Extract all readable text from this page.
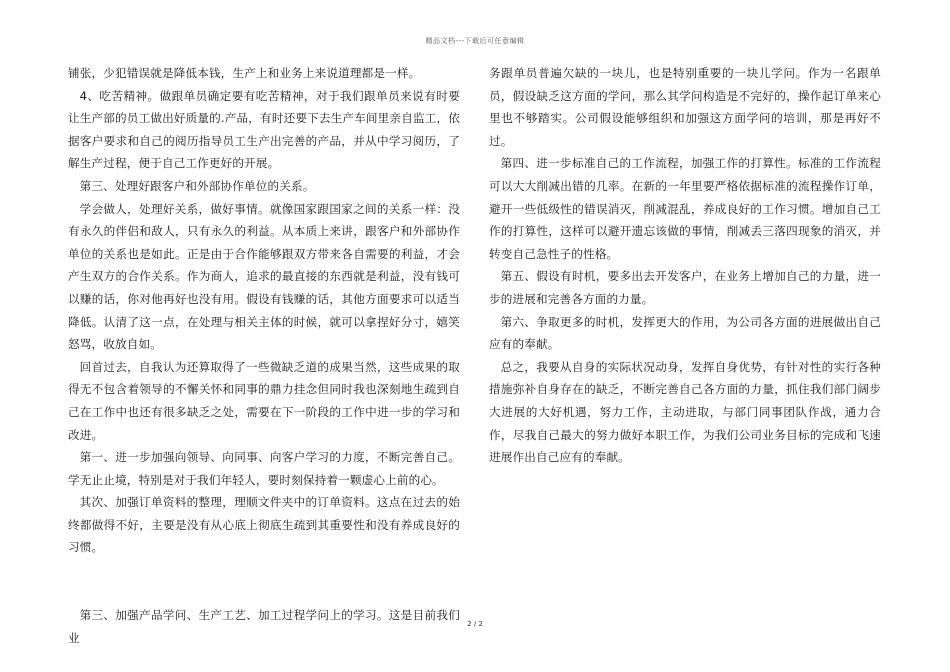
精品文档---下载后可任意编辑

铺张，少犯错误就是降低本钱，生产上和业务上来说道理都是一样。

4、吃苦精神。做跟单员确定要有吃苦精神，对于我们跟单员来说有时要让生产部的员工做出好质量的.产品，有时还要下去生产车间里亲自监工，依据客户要求和自己的阅历指导员工生产出完善的产品，并从中学习阅历，了解生产过程，便于自己工作更好的开展。

第三、处理好跟客户和外部协作单位的关系。

学会做人，处理好关系，做好事情。就像国家跟国家之间的关系一样：没有永久的伴侣和敌人，只有永久的利益。从本质上来讲，跟客户和外部协作单位的关系也是如此。正是由于合作能够跟双方带来各自需要的利益，才会产生双方的合作关系。作为商人，追求的最直接的东西就是利益，没有钱可以赚的话，你对他再好也没有用。假设有钱赚的话，其他方面要求可以适当降低。认清了这一点，在处理与相关主体的时候，就可以拿捏好分寸，嬉笑怒骂，收放自如。

回首过去，自我认为还算取得了一些微缺乏道的成果当然，这些成果的取得无不包含着领导的不懈关怀和同事的鼎力挂念但同时我也深刻地生疏到自己在工作中也还有很多缺乏之处，需要在下一阶段的工作中进一步的学习和改进。

第一、进一步加强向领导、向同事、向客户学习的力度，不断完善自己。学无止止境，特别是对于我们年轻人，要时刻保持着一颗虚心上前的心。

其次、加强订单资料的整理，理顺文件夹中的订单资料。这点在过去的始终都做得不好，主要是没有从心底上彻底生疏到其重要性和没有养成良好的习惯。

第三、加强产品学问、生产工艺、加工过程学问上的学习。这是目前我们业

务跟单员普遍欠缺的一块儿，也是特别重要的一块儿学问。作为一名跟单员，假设缺乏这方面的学问，那么其学问构造是不完好的，操作起订单来心里也不够踏实。公司假设能够组织和加强这方面学问的培训，那是再好不过。

第四、进一步标准自己的工作流程，加强工作的打算性。标准的工作流程可以大大削减出错的几率。在新的一年里要严格依据标准的流程操作订单，避开一些低级性的错误消灭，削减混乱，养成良好的工作习惯。增加自己工作的打算性，这样可以避开遗忘该做的事情，削减丢三落四现象的消灭，并转变自己急性子的性格。

第五、假设有时机，要多出去开发客户，在业务上增加自己的力量，进一步的进展和完善各方面的力量。

第六、争取更多的时机，发挥更大的作用，为公司各方面的进展做出自己应有的奉献。

总之，我要从自身的实际状况动身，发挥自身优势，有针对性的实行各种措施弥补自身存在的缺乏，不断完善自己各方面的力量，抓住我们部门阔步大进展的大好机遇，努力工作，主动进取，与部门同事团队作战，通力合作，尽我自己最大的努力做好本职工作，为我们公司业务目标的完成和飞速进展作出自己应有的奉献。

2 / 2
